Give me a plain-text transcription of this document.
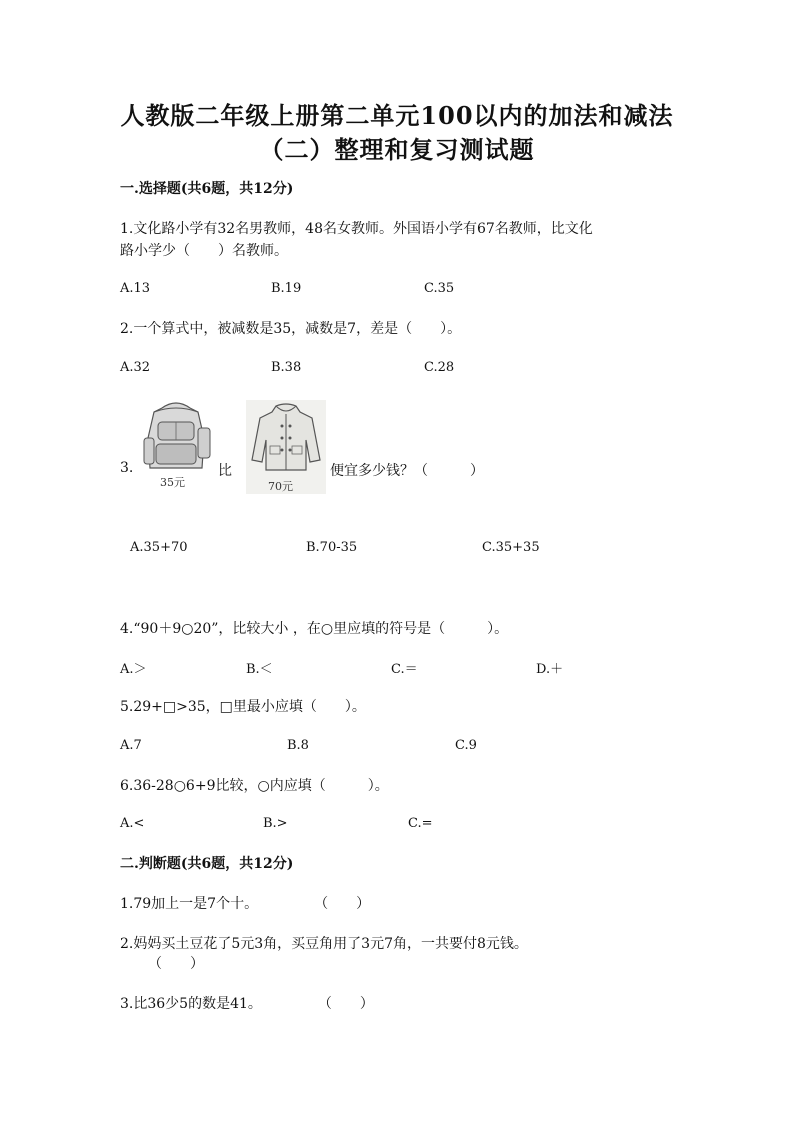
人教版二年级上册第二单元100以内的加法和减法
（二）整理和复习测试题
一.选择题(共6题，共12分)
1.文化路小学有32名男教师，48名女教师。外国语小学有67名教师，比文化
路小学少（　　）名教师。
A.13	B.19	C.35
2.一个算式中，被减数是35，减数是7，差是（　　）。
A.32	B.38	C.28
3.
35元
比
70元
便宜多少钱？（　　　）
A.35+70	B.70-35	C.35+35
4.“90＋9○20”，比较大小 ，在○里应填的符号是（　　　）。
A.＞	B.＜	C.＝	D.＋
5.29+□>35，□里最小应填（　　）。
A.7	B.8	C.9
6.36-28○6+9比较，○内应填（　　　）。
A.<	B.>	C.=
二.判断题(共6题，共12分)
1.79加上一是7个十。　　　　　（　　）
2.妈妈买土豆花了5元3角，买豆角用了3元7角，一共要付8元钱。
（　　）
3.比36少5的数是41。　　　　　（　　）
